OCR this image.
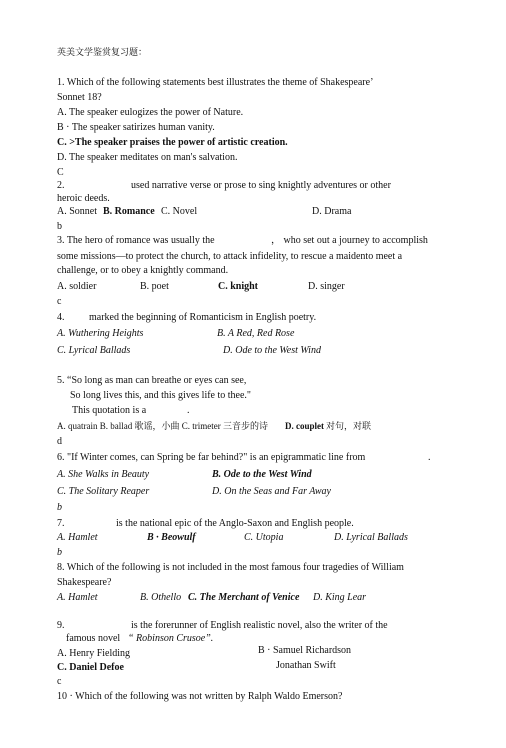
英美文学鉴赏复习题：
1. Which of the following statements best illustrates the theme of Shakespeare’
Sonnet 18?
A. The speaker eulogizes the power of Nature.
B · The speaker satirizes human vanity.
C. >The speaker praises the power of artistic creation.
D. The speaker meditates on man's salvation.
C
2.	used narrative verse or prose to sing knightly adventures or other
heroic deeds.
A. Sonnet B. Romance C. Novel	D. Drama
b
3. The hero of romance was usually the	， who set out a journey to accomplish
some missions—to protect the church, to attack infidelity, to rescue a maidento meet a
challenge, or to obey a knightly command.
A. soldier	B. poet	C. knight	D. singer
c
4. marked the beginning of Romanticism in English poetry.
A. Wuthering Heights	B. A Red, Red Rose
C. Lyrical Ballads	D. Ode to the West Wind
5. “So long as man can breathe or eyes can see,
So long lives this, and this gives life to thee."
This quotation is a	.
A. quatrain B. ballad 歌谣，小曲 C. trimeter 三音步的诗 D. couplet 对句，对联
d
6. "If Winter comes, can Spring be far behind?" is an epigrammatic line from	.
A. She Walks in Beauty	B. Ode to the West Wind
C. The Solitary Reaper	D. On the Seas and Far Away
b
7.	is the national epic of the Anglo-Saxon and English people.
A. Hamlet	B · Beowulf	C. Utopia	D. Lyrical Ballads
b
8. Which of the following is not included in the most famous four tragedies of William
Shakespeare?
A. Hamlet	B. Othello C. The Merchant of Venice D. King Lear
9.	is the forerunner of English realistic novel, also the writer of the
famous novel “ Robinson Crusoe”.
A. Henry Fielding	B · Samuel Richardson
C. Daniel Defoe	Jonathan Swift
c
10 · Which of the following was not written by Ralph Waldo Emerson?
